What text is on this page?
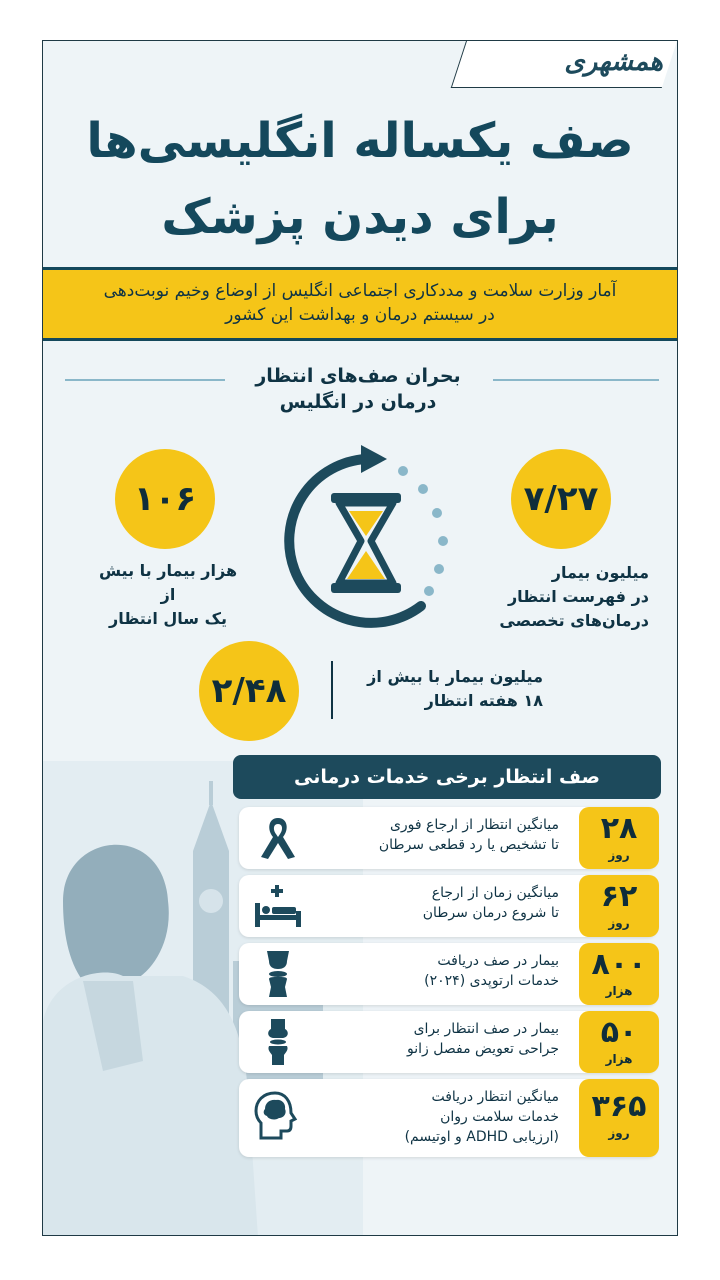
همشهری
صف یکساله انگلیسی‌ها
برای دیدن پزشک
آمار وزارت سلامت و مددکاری اجتماعی انگلیس از اوضاع وخیم نوبت‌دهی
در سیستم درمان و بهداشت این کشور
بحران صف‌های انتظار
درمان در انگلیس
۷/۲۷
میلیون بیمار
در فهرست انتظار
درمان‌های تخصصی
۱۰۶
هزار بیمار با بیش از
یک سال انتظار
۲/۴۸	میلیون بیمار با بیش از
۱۸ هفته انتظار
صف انتظار برخی خدمات درمانی
۲۸
روز
میانگین انتظار از ارجاع فوری
تا تشخیص یا رد قطعی سرطان
۶۲
روز
میانگین زمان از ارجاع
تا شروع درمان سرطان
۸۰۰
هزار
بیمار در صف دریافت
خدمات ارتوپدی (۲۰۲۴)
۵۰
هزار
بیمار در صف انتظار برای
جراحی تعویض مفصل زانو
۳۶۵
روز
میانگین انتظار دریافت
خدمات سلامت روان
(ارزیابی ADHD و اوتیسم)
